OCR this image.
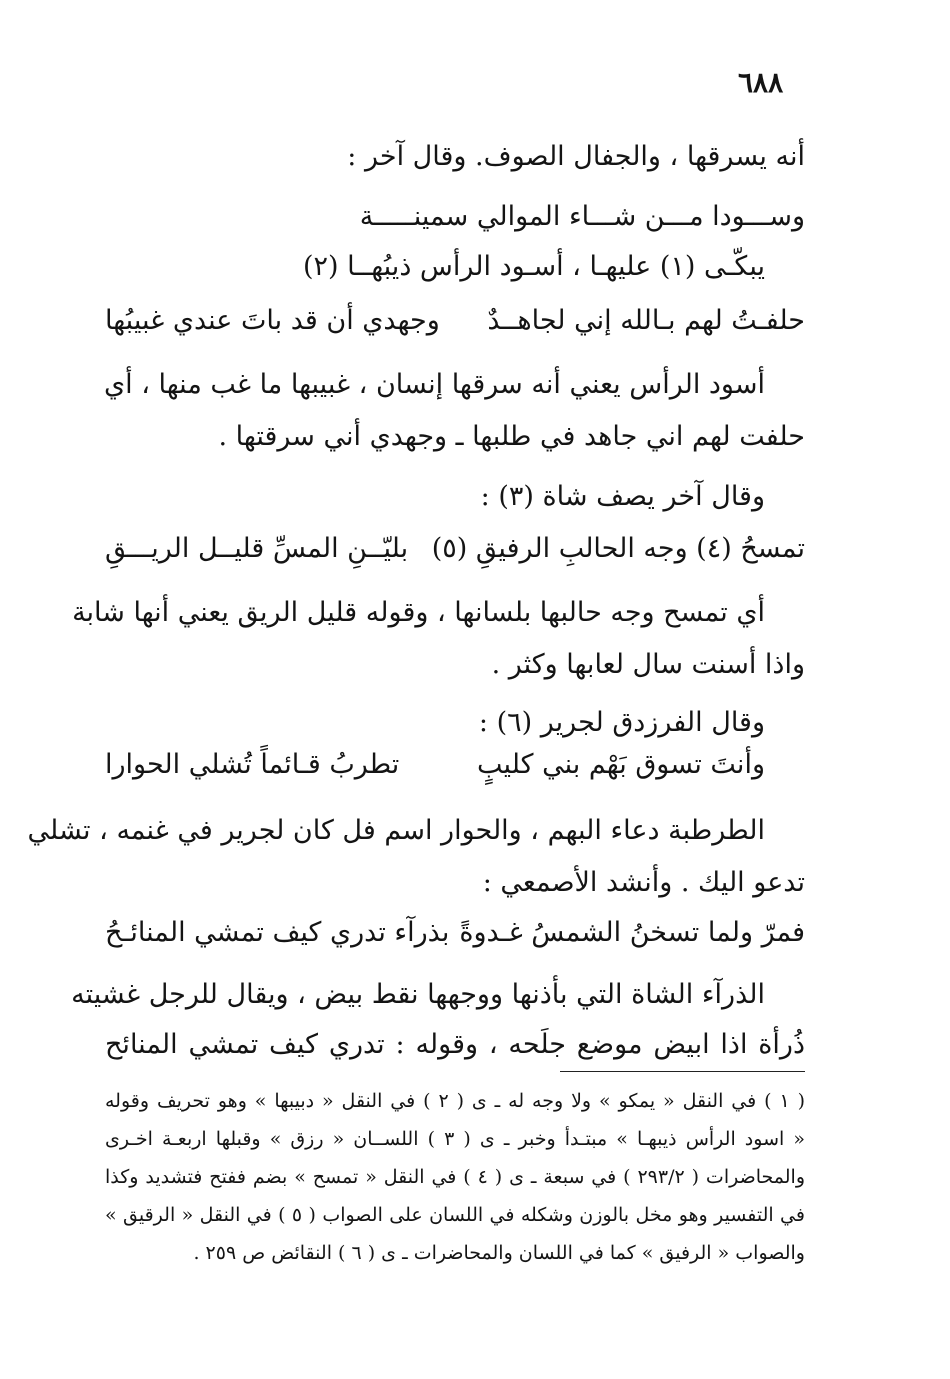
٦٨٨
أنه يسرقها ، والجفال الصوف. وقال آخر :
وســـودا مـــن شـــاء الموالي سمينـــــة
يبكّـى (١) عليهـا ، أسـود الرأس ذيبُهــا (٢)
حلفـتُ لهم بـالله إني لجاهــدٌ
وجهدي أن قد باتَ عندي غبيبُها
أسود الرأس يعني أنه سرقها إنسان ، غبيبها ما غب منها ، أي
حلفت لهم اني جاهد في طلبها ـ وجهدي أني سرقتها .
وقال آخر يصف شاة (٣) :
تمسحُ (٤) وجه الحالبِ الرفيقِ (٥)
بليّــنِ المسِّ قليــل الريـــقِ
أي تمسح وجه حالبها بلسانها ، وقوله قليل الريق يعني أنها شابة
واذا أسنت سال لعابها وكثر .
وقال الفرزدق لجرير (٦) :
وأنتَ تسوق بَهْم بني كليبٍ
تطربُ قـائماً تُشلي الحوارا
الطرطبة دعاء البهم ، والحوار اسم فل كان لجرير في غنمه ، تشلي
تدعو اليك . وأنشد الأصمعي :
فمرّ ولما تسخنُ الشمسُ غـدوةً
بذرآء تدري كيف تمشي المنائـحُ
الذرآء الشاة التي بأذنها ووجهها نقط بيض ، ويقال للرجل غشيته
ذُرأة اذا ابيض موضع جلَحه ، وقوله : تدري كيف تمشي المنائح
( ١ ) في النقل « يمكو » ولا وجه له ـ ى ( ٢ ) في النقل « دبيبها » وهو تحريف وقوله
« اسود الرأس ذيبهـا » مبتـدأ وخبر ـ ى ( ٣ ) اللســان « رزق » وقبلها اربعـة اخـرى
والمحاضرات ( ٢٩٣/٢ ) في سبعة ـ ى ( ٤ ) في النقل « تمسح » بضم ففتح فتشديد وكذا
في التفسير وهو مخل بالوزن وشكله في اللسان على الصواب ( ٥ ) في النقل « الرقيق »
والصواب « الرفيق » كما في اللسان والمحاضرات ـ ى ( ٦ ) النقائض ص ٢٥٩ .
